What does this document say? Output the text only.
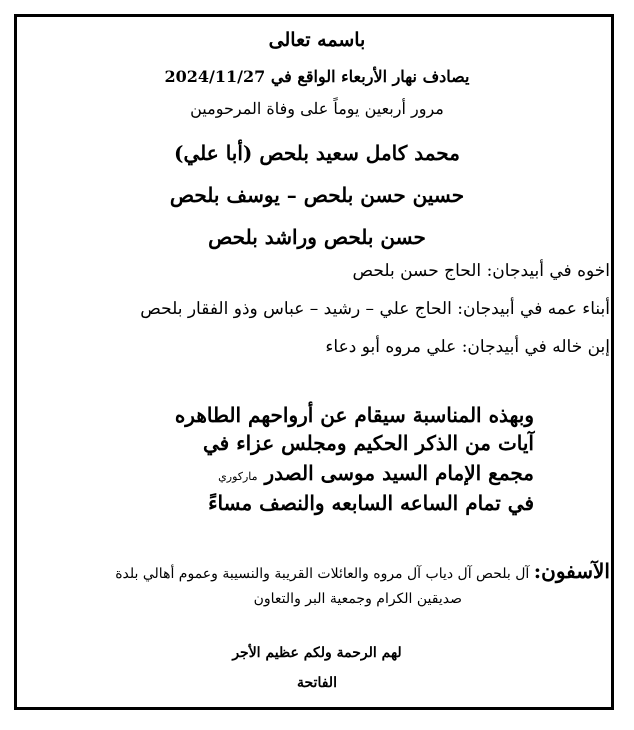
باسمه تعالى
يصادف نهار الأربعاء الواقع في 2024/11/27
مرور أربعين يوماً على وفاة المرحومين
محمد كامل سعيد بلحص (أبا علي)
حسين حسن بلحص – يوسف بلحص
حسن بلحص وراشد بلحص
اخوه في أبيدجان: الحاج حسن بلحص
أبناء عمه في أبيدجان: الحاج علي – رشيد – عباس وذو الفقار بلحص
إبن خاله في أبيدجان: علي مروه أبو دعاء
وبهذه المناسبة سيقام عن أرواحهم الطاهره
آيات من الذكر الحكيم ومجلس عزاء في
مجمع الإمام السيد موسى الصدر ماركوري
في تمام الساعه السابعه والنصف مساءً
الآسفون: آل بلحص آل دياب آل مروه والعائلات القريبة والنسيبة وعموم أهالي بلدة
صديقين الكرام وجمعية البر والتعاون
لهم الرحمة ولكم عظيم الأجر
الفاتحة
